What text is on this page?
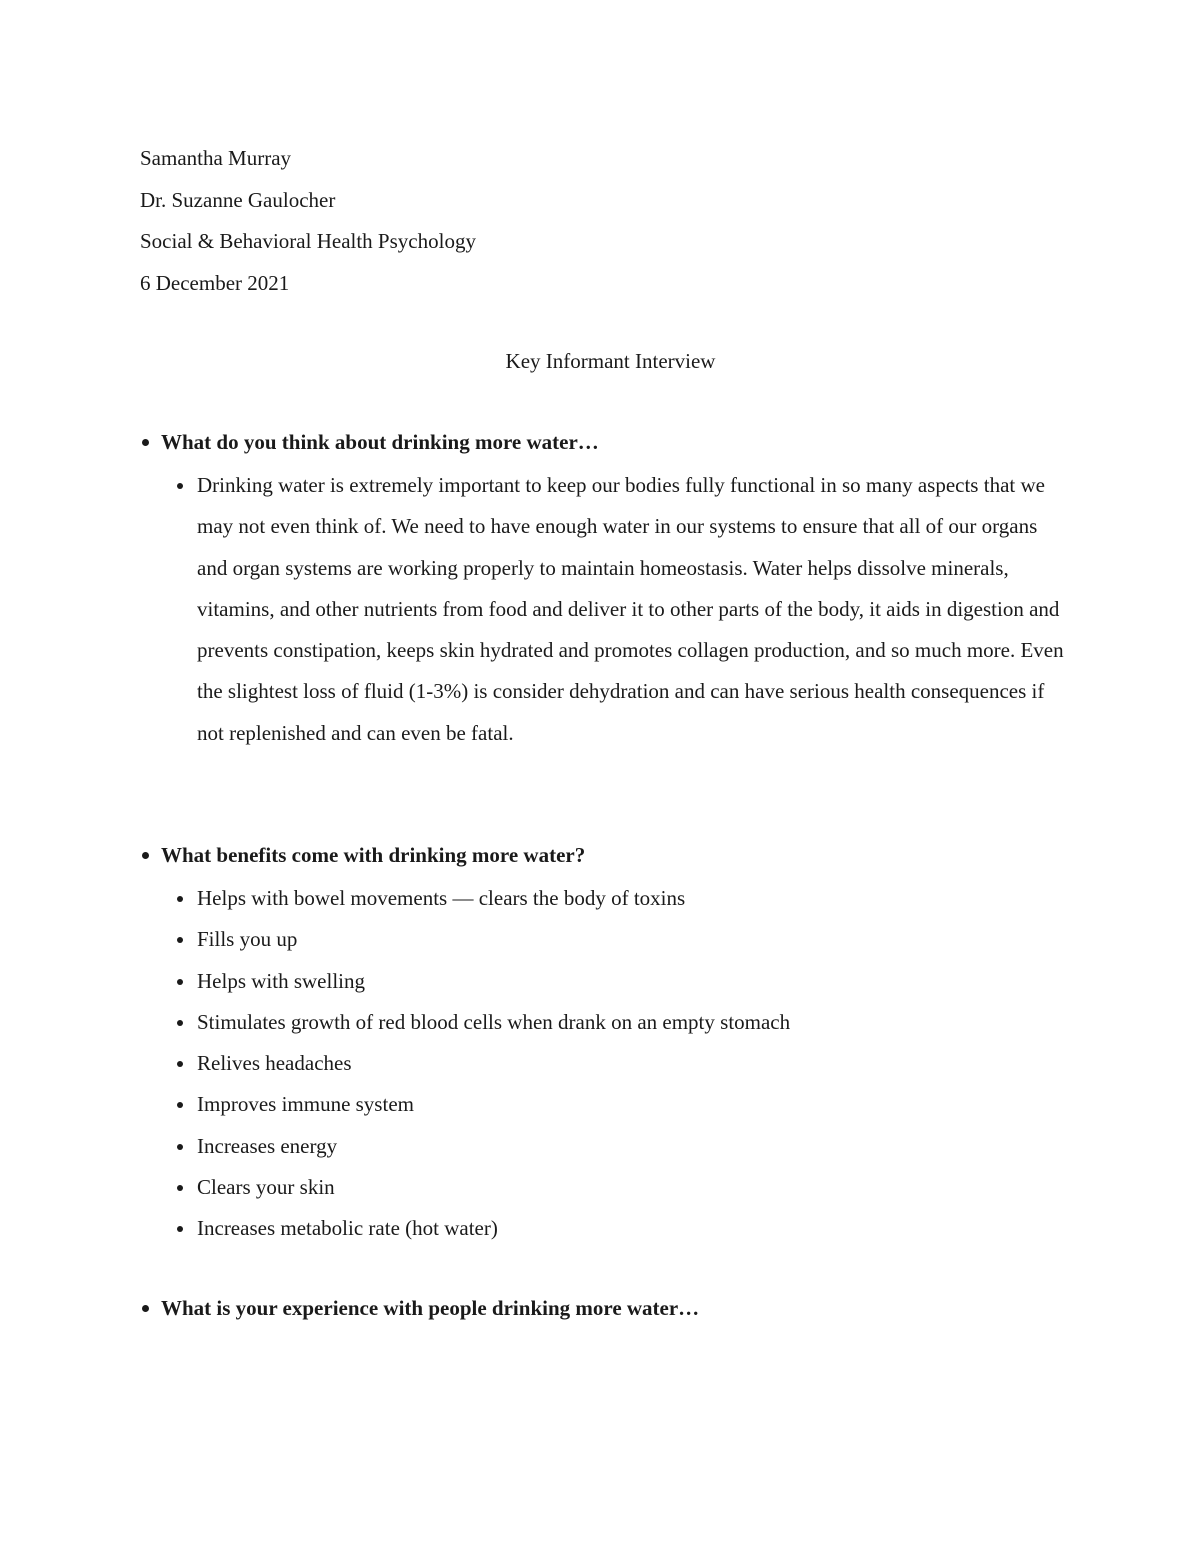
Samantha Murray
Dr. Suzanne Gaulocher
Social & Behavioral Health Psychology
6 December 2021
Key Informant Interview
What do you think about drinking more water…
Drinking water is extremely important to keep our bodies fully functional in so many aspects that we may not even think of. We need to have enough water in our systems to ensure that all of our organs and organ systems are working properly to maintain homeostasis. Water helps dissolve minerals, vitamins, and other nutrients from food and deliver it to other parts of the body, it aids in digestion and prevents constipation, keeps skin hydrated and promotes collagen production, and so much more. Even the slightest loss of fluid (1-3%) is consider dehydration and can have serious health consequences if not replenished and can even be fatal.
What benefits come with drinking more water?
Helps with bowel movements — clears the body of toxins
Fills you up
Helps with swelling
Stimulates growth of red blood cells when drank on an empty stomach
Relives headaches
Improves immune system
Increases energy
Clears your skin
Increases metabolic rate (hot water)
What is your experience with people drinking more water…
